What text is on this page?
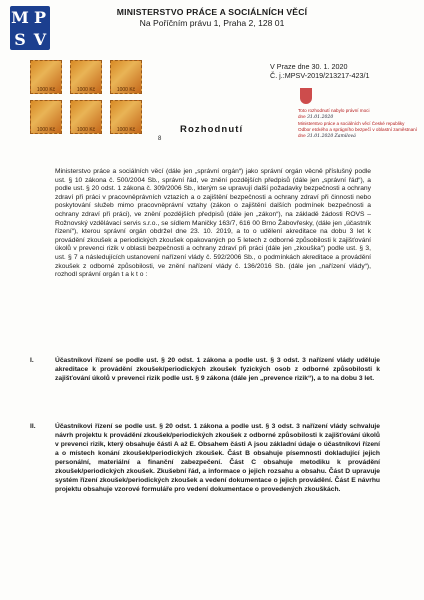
M P
S V
MINISTERSTVO PRÁCE A SOCIÁLNÍCH VĚCÍ
Na Poříčním právu 1, Praha 2, 128 01
1000 Kč	1000 Kč	1000 Kč
1000 Kč	1000 Kč	1000 Kč
8
V Praze dne 30. 1. 2020
Č. j.:MPSV-2019/213217-423/1
Rozhodnutí
Toto rozhodnutí nabylo právní moci
dne 31.01.2020
Ministerstvo práce a sociálních věcí České republiky
Odbor etckého a sprágního bezpečí v oblastní zaměstnaní
dne 31.01.2020 Zamilová
Ministerstvo práce a sociálních věcí (dále jen „správní orgán“) jako správní orgán věcně příslušný podle ust. § 10 zákona č. 500/2004 Sb., správní řád, ve znění pozdějších předpisů (dále jen „správní řád“), a podle ust. § 20 odst. 1 zákona č. 309/2006 Sb., kterým se upravují další požadavky bezpečnosti a ochrany zdraví při práci v pracovněprávních vztazích a o zajištění bezpečnosti a ochrany zdraví při činnosti nebo poskytování služeb mimo pracovněprávní vztahy (zákon o zajištění dalších podmínek bezpečnosti a ochrany zdraví při práci), ve znění pozdějších předpisů (dále jen „zákon“), na základě žádosti ROVS – Rožnovský vzdělávací servis s.r.o., se sídlem Maničky 163/7, 616 00 Brno Žabovřesky, (dále jen „účastník řízení“), kterou správní orgán obdržel dne 23. 10. 2019, a to o udělení akreditace na dobu 3 let k provádění zkoušek a periodických zkoušek opakovaných po 5 letech z odborné způsobilosti k zajišťování úkolů v prevenci rizik v oblasti bezpečnosti a ochrany zdraví při práci (dále jen „zkouška“) podle ust. § 3, ust. § 7 a následujících ustanovení nařízení vlády č. 592/2006 Sb., o podmínkách akreditace a provádění zkoušek z odborné způsobilosti, ve znění nařízení vlády č. 136/2016 Sb. (dále jen „nařízení vlády“), rozhodl správní orgán t a k t o :
I.	Účastníkovi řízení se podle ust. § 20 odst. 1 zákona a podle ust. § 3 odst. 3 nařízení vlády uděluje akreditace k provádění zkoušek/periodických zkoušek fyzických osob z odborné způsobilosti k zajišťování úkolů v prevenci rizik podle ust. § 9 zákona (dále jen „prevence rizik“), a to na dobu 3 let.
II.	Účastníkovi řízení se podle ust. § 20 odst. 1 zákona a podle ust. § 3 odst. 3 nařízení vlády schvaluje návrh projektu k provádění zkoušek/periodických zkoušek z odborné způsobilosti k zajišťování úkolů v prevenci rizik, který obsahuje části A až E. Obsahem části A jsou základní údaje o účastníkovi řízení a o místech konání zkoušek/periodických zkoušek. Část B obsahuje písemnosti dokladující jejich personální, materiální a finanční zabezpečení. Část C obsahuje metodiku k provádění zkoušek/periodických zkoušek. Zkušební řád, a informace o jejich rozsahu a obsahu. Část D upravuje systém řízení zkoušek/periodických zkoušek a vedení dokumentace o jejich provádění. Část E návrhu projektu obsahuje vzorové formuláře pro vedení dokumentace o provedených zkouškách.
